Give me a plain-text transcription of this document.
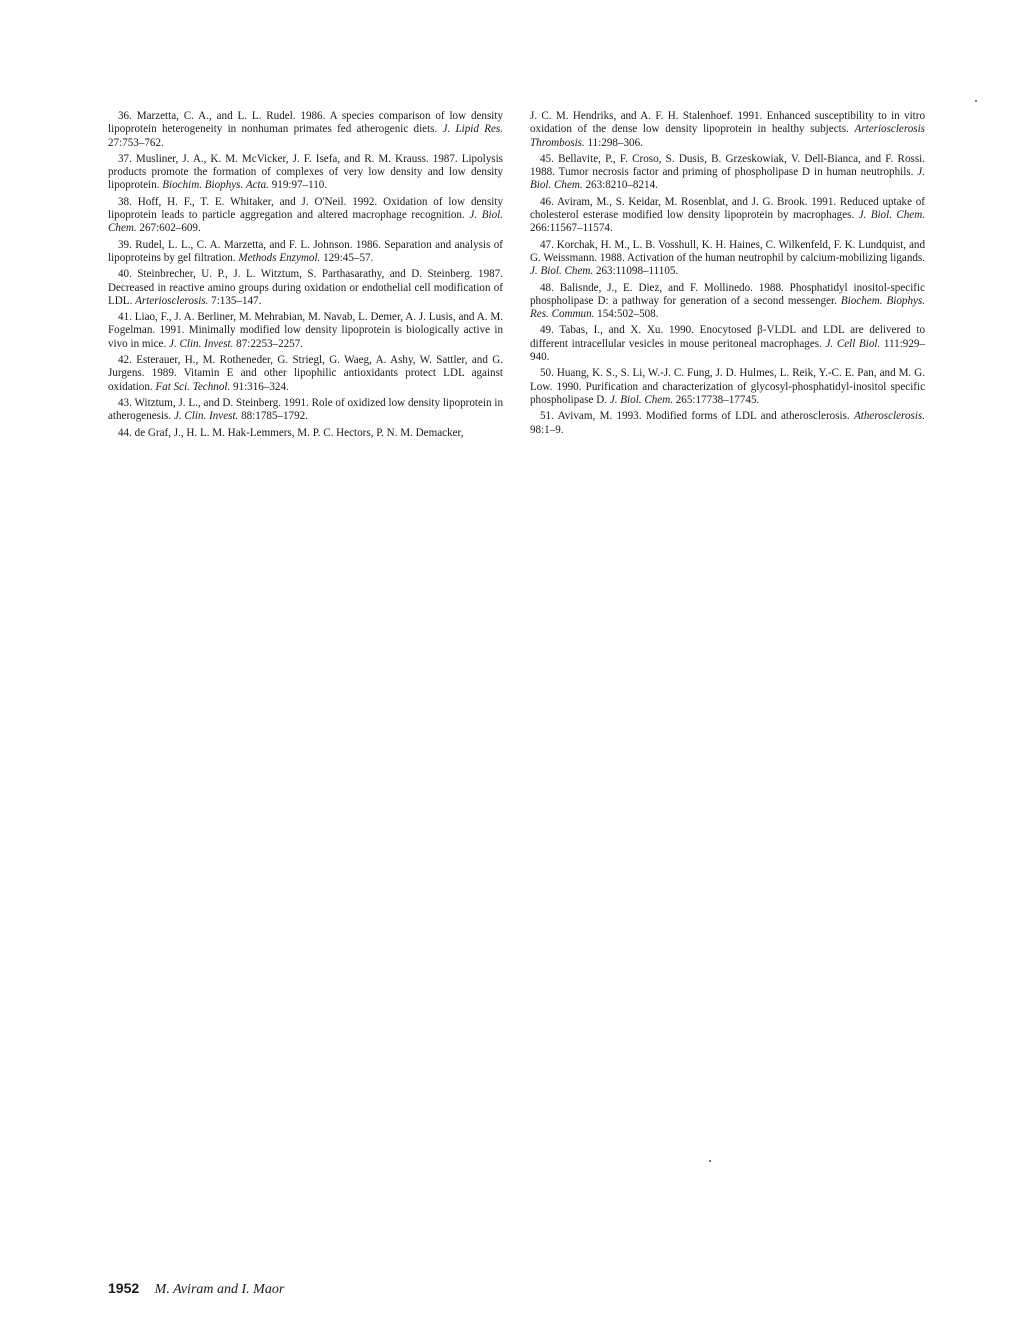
36. Marzetta, C. A., and L. L. Rudel. 1986. A species comparison of low density lipoprotein heterogeneity in nonhuman primates fed atherogenic diets. J. Lipid Res. 27:753–762.

37. Musliner, J. A., K. M. McVicker, J. F. Isefa, and R. M. Krauss. 1987. Lipolysis products promote the formation of complexes of very low density and low density lipoprotein. Biochim. Biophys. Acta. 919:97–110.

38. Hoff, H. F., T. E. Whitaker, and J. O'Neil. 1992. Oxidation of low density lipoprotein leads to particle aggregation and altered macrophage recognition. J. Biol. Chem. 267:602–609.

39. Rudel, L. L., C. A. Marzetta, and F. L. Johnson. 1986. Separation and analysis of lipoproteins by gel filtration. Methods Enzymol. 129:45–57.

40. Steinbrecher, U. P., J. L. Witztum, S. Parthasarathy, and D. Steinberg. 1987. Decreased in reactive amino groups during oxidation or endothelial cell modification of LDL. Arteriosclerosis. 7:135–147.

41. Liao, F., J. A. Berliner, M. Mehrabian, M. Navab, L. Demer, A. J. Lusis, and A. M. Fogelman. 1991. Minimally modified low density lipoprotein is biologically active in vivo in mice. J. Clin. Invest. 87:2253–2257.

42. Esterauer, H., M. Rotheneder, G. Striegl, G. Waeg, A. Ashy, W. Sattler, and G. Jurgens. 1989. Vitamin E and other lipophilic antioxidants protect LDL against oxidation. Fat Sci. Technol. 91:316–324.

43. Witztum, J. L., and D. Steinberg. 1991. Role of oxidized low density lipoprotein in atherogenesis. J. Clin. Invest. 88:1785–1792.

44. de Graf, J., H. L. M. Hak-Lemmers, M. P. C. Hectors, P. N. M. Demacker,

J. C. M. Hendriks, and A. F. H. Stalenhoef. 1991. Enhanced susceptibility to in vitro oxidation of the dense low density lipoprotein in healthy subjects. Arteriosclerosis Thrombosis. 11:298–306.

45. Bellavite, P., F. Croso, S. Dusis, B. Grzeskowiak, V. Dell-Bianca, and F. Rossi. 1988. Tumor necrosis factor and priming of phospholipase D in human neutrophils. J. Biol. Chem. 263:8210–8214.

46. Aviram, M., S. Keidar, M. Rosenblat, and J. G. Brook. 1991. Reduced uptake of cholesterol esterase modified low density lipoprotein by macrophages. J. Biol. Chem. 266:11567–11574.

47. Korchak, H. M., L. B. Vosshull, K. H. Haines, C. Wilkenfeld, F. K. Lundquist, and G. Weissmann. 1988. Activation of the human neutrophil by calcium-mobilizing ligands. J. Biol. Chem. 263:11098–11105.

48. Balisnde, J., E. Diez, and F. Mollinedo. 1988. Phosphatidyl inositol-specific phospholipase D: a pathway for generation of a second messenger. Biochem. Biophys. Res. Commun. 154:502–508.

49. Tabas, I., and X. Xu. 1990. Enocytosed β-VLDL and LDL are delivered to different intracellular vesicles in mouse peritoneal macrophages. J. Cell Biol. 111:929–940.

50. Huang, K. S., S. Li, W.-J. C. Fung, J. D. Hulmes, L. Reik, Y.-C. E. Pan, and M. G. Low. 1990. Purification and characterization of glycosyl-phosphatidyl-inositol specific phospholipase D. J. Biol. Chem. 265:17738–17745.

51. Avivam, M. 1993. Modified forms of LDL and atherosclerosis. Atherosclerosis. 98:1–9.

1952 M. Aviram and I. Maor
